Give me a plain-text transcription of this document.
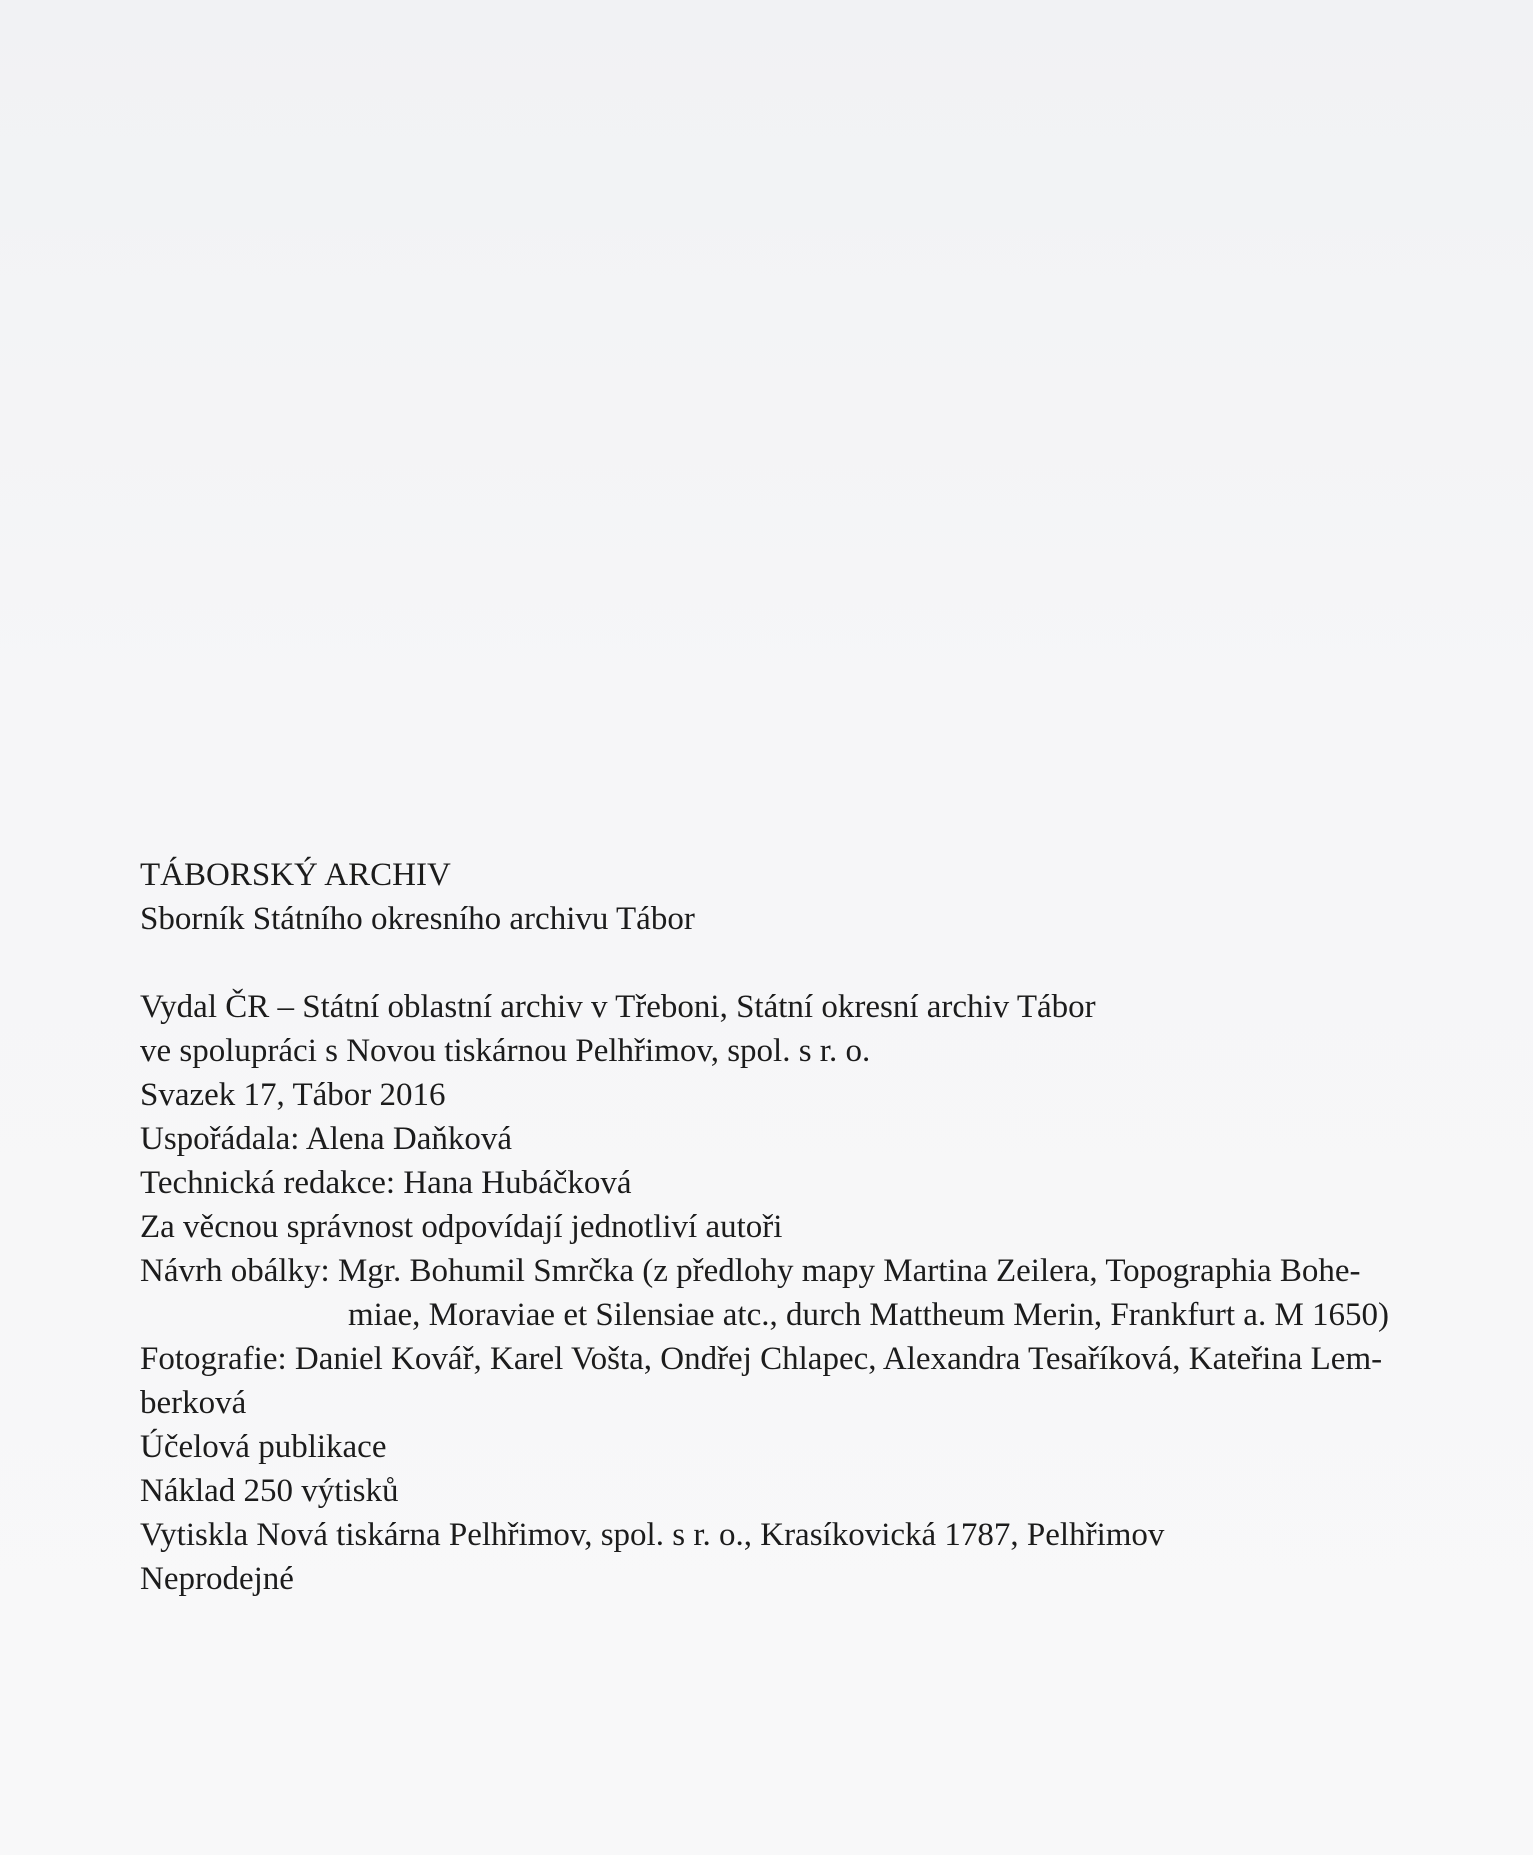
TÁBORSKÝ ARCHIV

Sborník Státního okresního archivu Tábor

Vydal ČR – Státní oblastní archiv v Třeboni, Státní okresní archiv Tábor

ve spolupráci s Novou tiskárnou Pelhřimov, spol. s r. o.

Svazek 17, Tábor 2016

Uspořádala: Alena Daňková

Technická redakce: Hana Hubáčková

Za věcnou správnost odpovídají jednotliví autoři

Návrh obálky: Mgr. Bohumil Smrčka (z předlohy mapy Martina Zeilera, Topographia Bohe-

miae, Moraviae et Silensiae atc., durch Mattheum Merin, Frankfurt a. M 1650)

Fotografie: Daniel Kovář, Karel Vošta, Ondřej Chlapec, Alexandra Tesaříková, Kateřina Lem-

berková

Účelová publikace

Náklad 250 výtisků

Vytiskla Nová tiskárna Pelhřimov, spol. s r. o., Krasíkovická 1787, Pelhřimov

Neprodejné
